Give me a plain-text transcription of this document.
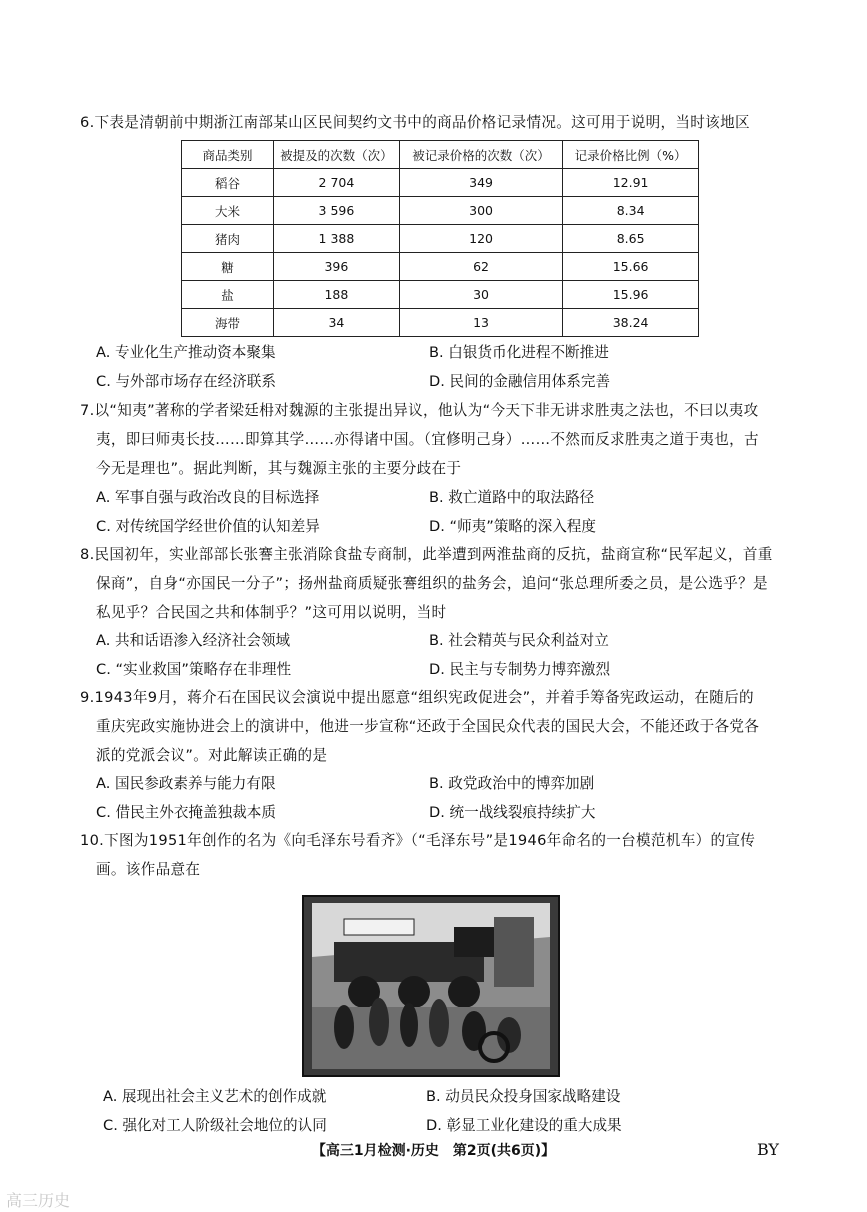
6.下表是清朝前中期浙江南部某山区民间契约文书中的商品价格记录情况。这可用于说明，当时该地区
商品类别	被提及的次数（次）	被记录价格的次数（次）	记录价格比例（%）
稻谷	2 704	349	12.91
大米	3 596	300	8.34
猪肉	1 388	120	8.65
糖	396	62	15.66
盐	188	30	15.96
海带	34	13	38.24
A. 专业化生产推动资本聚集	B. 白银货币化进程不断推进
C. 与外部市场存在经济联系	D. 民间的金融信用体系完善
7.以“知夷”著称的学者梁廷枏对魏源的主张提出异议，他认为“今天下非无讲求胜夷之法也，不曰以夷攻
夷，即曰师夷长技……即算其学……亦得诸中国。（宜修明己身）……不然而反求胜夷之道于夷也，古
今无是理也”。据此判断，其与魏源主张的主要分歧在于
A. 军事自强与政治改良的目标选择	B. 救亡道路中的取法路径
C. 对传统国学经世价值的认知差异	D. “师夷”策略的深入程度
8.民国初年，实业部部长张謇主张消除食盐专商制，此举遭到两淮盐商的反抗，盐商宣称“民军起义，首重
保商”，自身“亦国民一分子”；扬州盐商质疑张謇组织的盐务会，追问“张总理所委之员，是公选乎？是
私见乎？合民国之共和体制乎？”这可用以说明，当时
A. 共和话语渗入经济社会领域	B. 社会精英与民众利益对立
C. “实业救国”策略存在非理性	D. 民主与专制势力博弈激烈
9.1943年9月，蒋介石在国民议会演说中提出愿意“组织宪政促进会”，并着手筹备宪政运动，在随后的
重庆宪政实施协进会上的演讲中，他进一步宣称“还政于全国民众代表的国民大会，不能还政于各党各
派的党派会议”。对此解读正确的是
A. 国民参政素养与能力有限	B. 政党政治中的博弈加剧
C. 借民主外衣掩盖独裁本质	D. 统一战线裂痕持续扩大
10.下图为1951年创作的名为《向毛泽东号看齐》（“毛泽东号”是1946年命名的一台模范机车）的宣传
画。该作品意在
A. 展现出社会主义艺术的创作成就	B. 动员民众投身国家战略建设
C. 强化对工人阶级社会地位的认同	D. 彰显工业化建设的重大成果
【高三1月检测·历史　第2页(共6页)】	BY
高三历史
